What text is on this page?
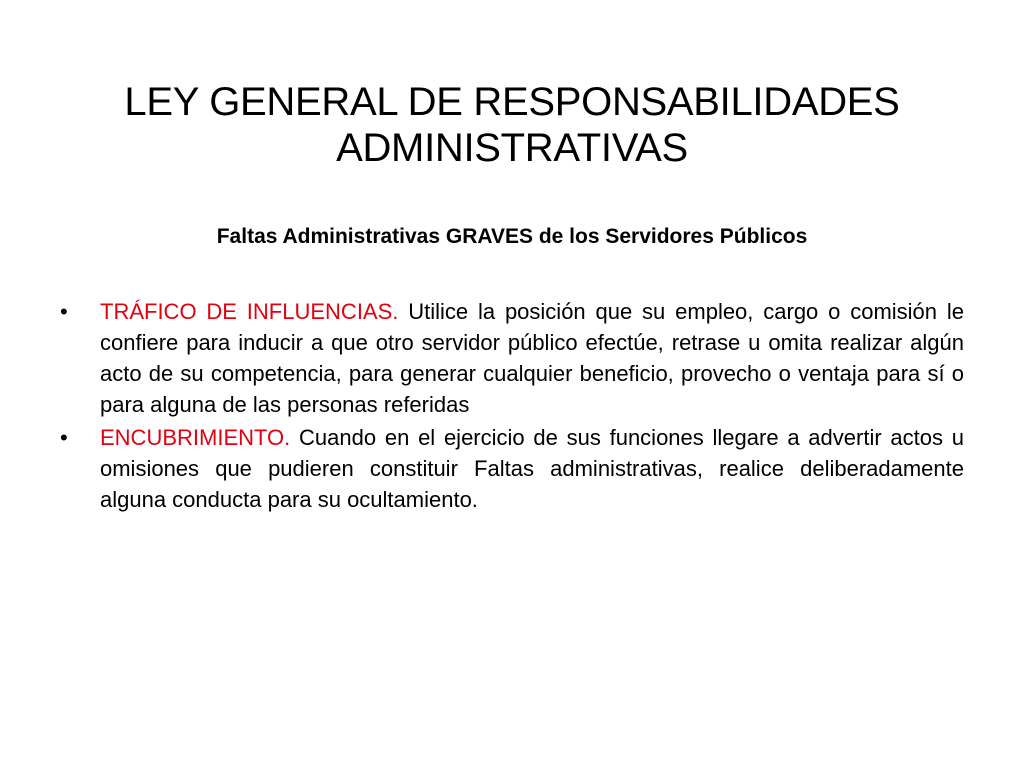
LEY GENERAL DE RESPONSABILIDADES
ADMINISTRATIVAS
Faltas Administrativas GRAVES de los Servidores Públicos
•	TRÁFICO DE INFLUENCIAS. Utilice la posición que su empleo, cargo o comisión le confiere para inducir a que otro servidor público efectúe, retrase u omita realizar algún acto de su competencia, para generar cualquier beneficio, provecho o ventaja para sí o para alguna de las personas referidas
•	ENCUBRIMIENTO. Cuando en el ejercicio de sus funciones llegare a advertir actos u omisiones que pudieren constituir Faltas administrativas, realice deliberadamente alguna conducta para su ocultamiento.
